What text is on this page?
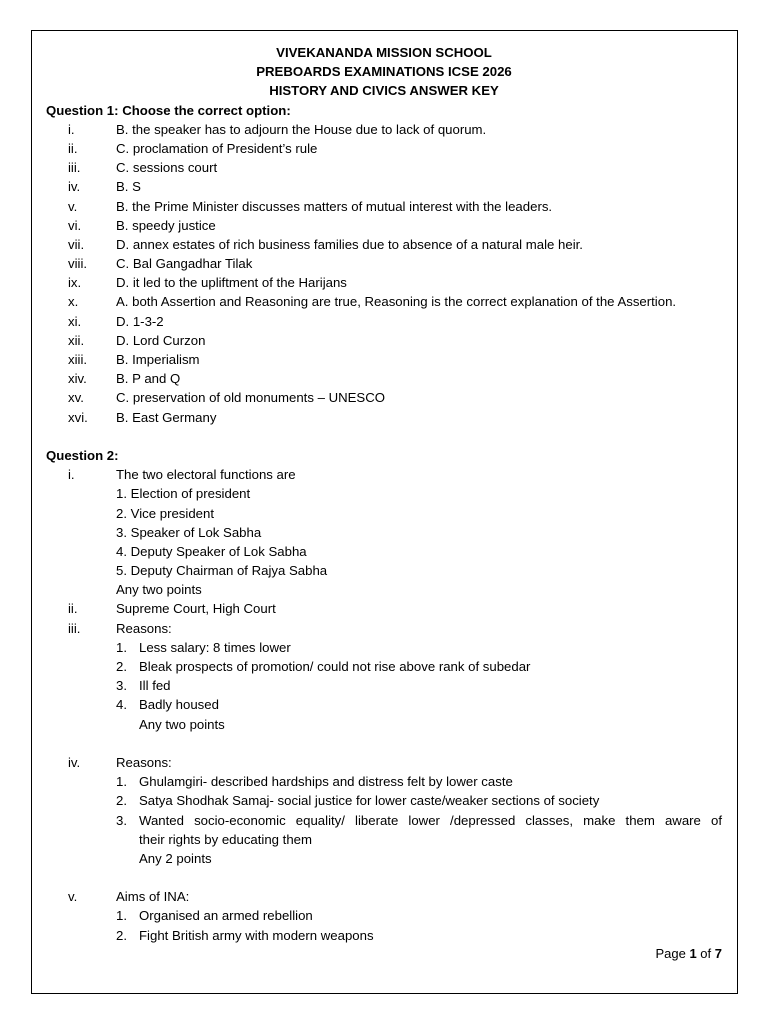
VIVEKANANDA MISSION SCHOOL
PREBOARDS EXAMINATIONS ICSE 2026
HISTORY AND CIVICS ANSWER KEY
Question 1: Choose the correct option:
i.	B. the speaker has to adjourn the House due to lack of quorum.
ii.	C. proclamation of President’s rule
iii.	C. sessions court
iv.	B. S
v.	B. the Prime Minister discusses matters of mutual interest with the leaders.
vi.	B. speedy justice
vii. D. annex estates of rich business families due to absence of a natural male heir.
viii. C. Bal Gangadhar Tilak
ix.	D. it led to the upliftment of the Harijans
x.	A. both Assertion and Reasoning are true, Reasoning is the correct explanation of the Assertion.
xi.	D. 1-3-2
xii. D. Lord Curzon
xiii. B. Imperialism
xiv. B. P and Q
xv. C. preservation of old monuments – UNESCO
xvi. B. East Germany
Question 2:
i.	The two electoral functions are
1. Election of president
2. Vice president
3. Speaker of Lok Sabha
4. Deputy Speaker of Lok Sabha
5. Deputy Chairman of Rajya Sabha
Any two points
ii.	Supreme Court, High Court
iii.	Reasons:
1. Less salary: 8 times lower
2. Bleak prospects of promotion/ could not rise above rank of subedar
3. Ill fed
4. Badly housed
Any two points
iv.	Reasons:
1. Ghulamgiri- described hardships and distress felt by lower caste
2. Satya Shodhak Samaj- social justice for lower caste/weaker sections of society
3. Wanted socio-economic equality/ liberate lower /depressed classes, make them aware of
their rights by educating them
Any 2 points
v.	Aims of INA:
1. Organised an armed rebellion
2. Fight British army with modern weapons
Page 1 of 7
